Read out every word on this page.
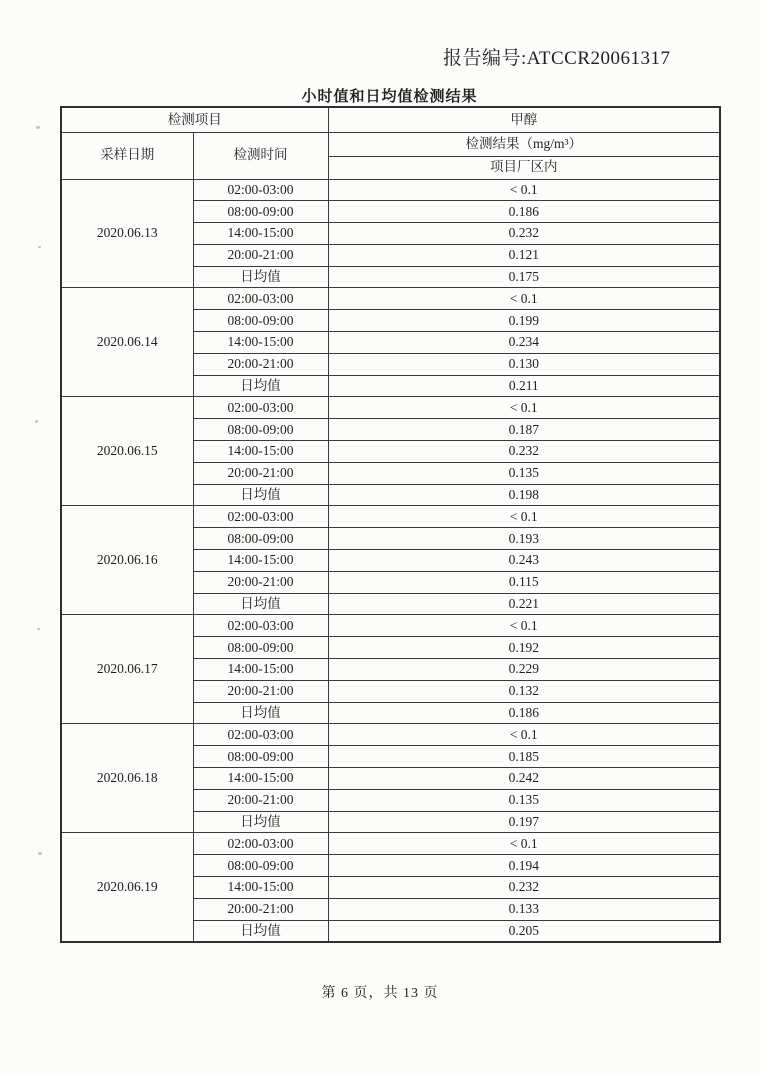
报告编号:ATCCR20061317
小时值和日均值检测结果
检测项目		甲醇
采样日期	检测时间	检测结果（mg/m³）
		项目厂区内
2020.06.13	02:00-03:00	< 0.1
	08:00-09:00	0.186
	14:00-15:00	0.232
	20:00-21:00	0.121
	日均值	0.175
2020.06.14	02:00-03:00	< 0.1
	08:00-09:00	0.199
	14:00-15:00	0.234
	20:00-21:00	0.130
	日均值	0.211
2020.06.15	02:00-03:00	< 0.1
	08:00-09:00	0.187
	14:00-15:00	0.232
	20:00-21:00	0.135
	日均值	0.198
2020.06.16	02:00-03:00	< 0.1
	08:00-09:00	0.193
	14:00-15:00	0.243
	20:00-21:00	0.115
	日均值	0.221
2020.06.17	02:00-03:00	< 0.1
	08:00-09:00	0.192
	14:00-15:00	0.229
	20:00-21:00	0.132
	日均值	0.186
2020.06.18	02:00-03:00	< 0.1
	08:00-09:00	0.185
	14:00-15:00	0.242
	20:00-21:00	0.135
	日均值	0.197
2020.06.19	02:00-03:00	< 0.1
	08:00-09:00	0.194
	14:00-15:00	0.232
	20:00-21:00	0.133
	日均值	0.205
第 6 页，共 13 页
